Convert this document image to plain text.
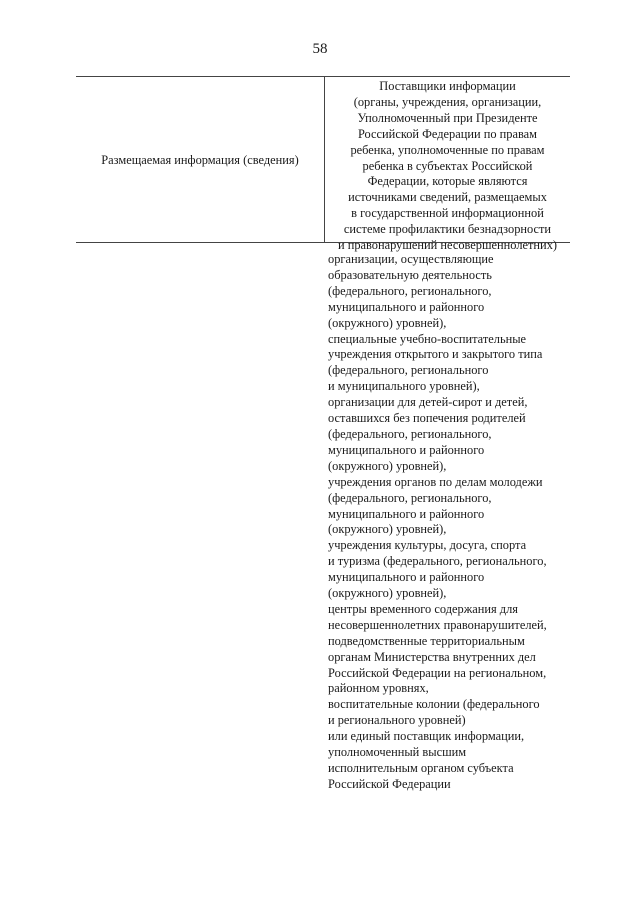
58
Размещаемая информация (сведения)
Поставщики информации
(органы, учреждения, организации,
Уполномоченный при Президенте
Российской Федерации по правам
ребенка, уполномоченные по правам
ребенка в субъектах Российской
Федерации, которые являются
источниками сведений, размещаемых
в государственной информационной
системе профилактики безнадзорности
и правонарушений несовершеннолетних)
организации, осуществляющие
образовательную деятельность
(федерального, регионального,
муниципального и районного
(окружного) уровней),
специальные учебно-воспитательные
учреждения открытого и закрытого типа
(федерального, регионального
и муниципального уровней),
организации для детей-сирот и детей,
оставшихся без попечения родителей
(федерального, регионального,
муниципального и районного
(окружного) уровней),
учреждения органов по делам молодежи
(федерального, регионального,
муниципального и районного
(окружного) уровней),
учреждения культуры, досуга, спорта
и туризма (федерального, регионального,
муниципального и районного
(окружного) уровней),
центры временного содержания для
несовершеннолетних правонарушителей,
подведомственные территориальным
органам Министерства внутренних дел
Российской Федерации на региональном,
районном уровнях,
воспитательные колонии (федерального
и регионального уровней)
или единый поставщик информации,
уполномоченный высшим
исполнительным органом субъекта
Российской Федерации
